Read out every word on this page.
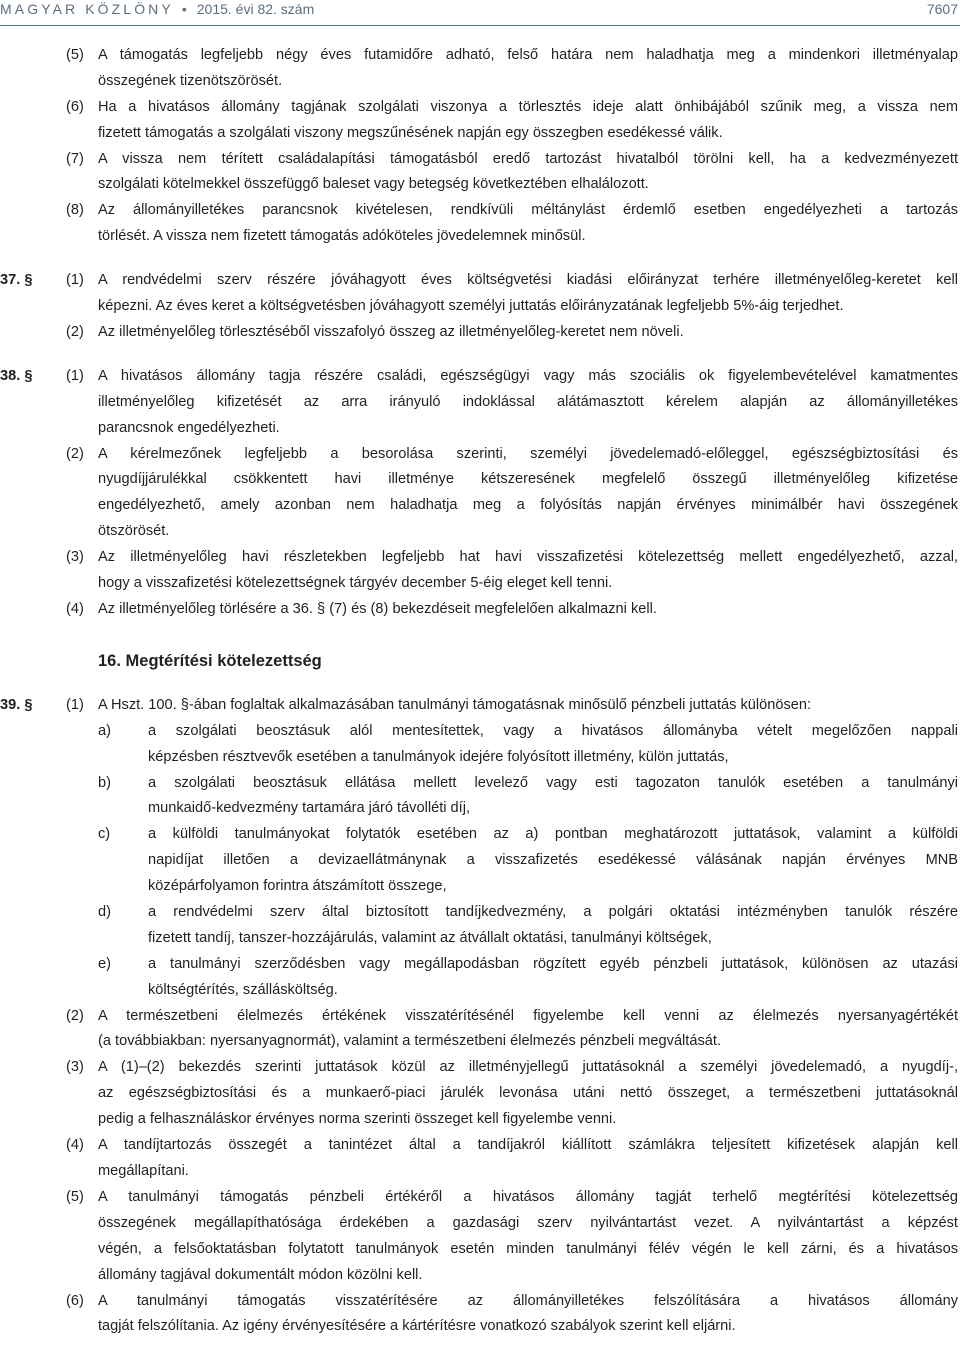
MAGYAR KÖZLÖNY • 2015. évi 82. szám	7607
(5) A támogatás legfeljebb négy éves futamidőre adható, felső határa nem haladhatja meg a mindenkori illetményalap
összegének tizenötszörösét.
(6) Ha a hivatásos állomány tagjának szolgálati viszonya a törlesztés ideje alatt önhibájából szűnik meg, a vissza nem
fizetett támogatás a szolgálati viszony megszűnésének napján egy összegben esedékessé válik.
(7) A vissza nem térített családalapítási támogatásból eredő tartozást hivatalból törölni kell, ha a kedvezményezett
szolgálati kötelmekkel összefüggő baleset vagy betegség következtében elhalálozott.
(8) Az állományilletékes parancsnok kivételesen, rendkívüli méltánylást érdemlő esetben engedélyezheti a tartozás
törlését. A vissza nem fizetett támogatás adóköteles jövedelemnek minősül.
37. § (1) A rendvédelmi szerv részére jóváhagyott éves költségvetési kiadási előirányzat terhére illetményelőleg-keretet kell
képezni. Az éves keret a költségvetésben jóváhagyott személyi juttatás előirányzatának legfeljebb 5%-áig terjedhet.
(2) Az illetményelőleg törlesztéséből visszafolyó összeg az illetményelőleg-keretet nem növeli.
38. § (1) A hivatásos állomány tagja részére családi, egészségügyi vagy más szociális ok figyelembevételével kamatmentes
illetményelőleg kifizetését az arra irányuló indoklással alátámasztott kérelem alapján az állományilletékes
parancsnok engedélyezheti.
(2) A kérelmezőnek legfeljebb a besorolása szerinti, személyi jövedelemadó-előleggel, egészségbiztosítási és
nyugdíjjárulékkal csökkentett havi illetménye kétszeresének megfelelő összegű illetményelőleg kifizetése
engedélyezhető, amely azonban nem haladhatja meg a folyósítás napján érvényes minimálbér havi összegének
ötszörösét.
(3) Az illetményelőleg havi részletekben legfeljebb hat havi visszafizetési kötelezettség mellett engedélyezhető, azzal,
hogy a visszafizetési kötelezettségnek tárgyév december 5-éig eleget kell tenni.
(4) Az illetményelőleg törlésére a 36. § (7) és (8) bekezdéseit megfelelően alkalmazni kell.
16. Megtérítési kötelezettség
39. § (1) A Hszt. 100. §-ában foglaltak alkalmazásában tanulmányi támogatásnak minősülő pénzbeli juttatás különösen:
a)	a szolgálati beosztásuk alól mentesítettek, vagy a hivatásos állományba vételt megelőzően nappali
képzésben résztvevők esetében a tanulmányok idejére folyósított illetmény, külön juttatás,
b)	a szolgálati beosztásuk ellátása mellett levelező vagy esti tagozaton tanulók esetében a tanulmányi
munkaidő-kedvezmény tartamára járó távolléti díj,
c)	a külföldi tanulmányokat folytatók esetében az a) pontban meghatározott juttatások, valamint a külföldi
napidíjat illetően a devizaellátmánynak a visszafizetés esedékessé válásának napján érvényes MNB
középárfolyamon forintra átszámított összege,
d)	a rendvédelmi szerv által biztosított tandíjkedvezmény, a polgári oktatási intézményben tanulók részére
fizetett tandíj, tanszer-hozzájárulás, valamint az átvállalt oktatási, tanulmányi költségek,
e)	a tanulmányi szerződésben vagy megállapodásban rögzített egyéb pénzbeli juttatások, különösen az utazási
költségtérítés, szállásköltség.
(2) A természetbeni élelmezés értékének visszatérítésénél figyelembe kell venni az élelmezés nyersanyagértékét
(a továbbiakban: nyersanyagnormát), valamint a természetbeni élelmezés pénzbeli megváltását.
(3) A (1)–(2) bekezdés szerinti juttatások közül az illetményjellegű juttatásoknál a személyi jövedelemadó, a nyugdíj-,
az egészségbiztosítási és a munkaerő-piaci járulék levonása utáni nettó összeget, a természetbeni juttatásoknál
pedig a felhasználáskor érvényes norma szerinti összeget kell figyelembe venni.
(4) A tandíjtartozás összegét a tanintézet által a tandíjakról kiállított számlákra teljesített kifizetések alapján kell
megállapítani.
(5) A tanulmányi támogatás pénzbeli értékéről a hivatásos állomány tagját terhelő megtérítési kötelezettség
összegének megállapíthatósága érdekében a gazdasági szerv nyilvántartást vezet. A nyilvántartást a képzést
végén, a felsőoktatásban folytatott tanulmányok esetén minden tanulmányi félév végén le kell zárni, és a hivatásos
állomány tagjával dokumentált módon közölni kell.
(6) A tanulmányi támogatás visszatérítésére az állományilletékes felszólítására a hivatásos állomány
tagját felszólítania. Az igény érvényesítésére a kártérítésre vonatkozó szabályok szerint kell eljárni.
